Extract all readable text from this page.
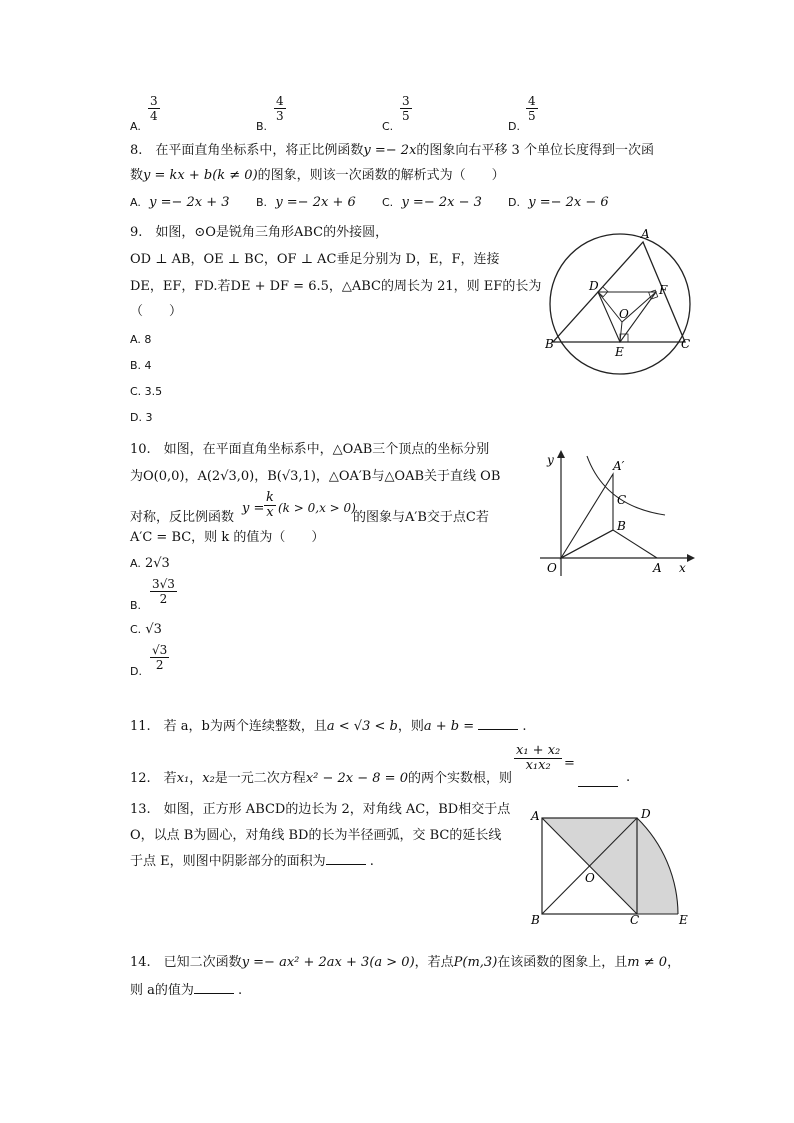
A.
$\frac{3}{4}$
B.
$\frac{4}{3}$
C.
$\frac{3}{5}$
D.
$\frac{4}{5}$
8.　在平面直角坐标系中，将正比例函数y =− 2x的图象向右平移 3 个单位长度得到一次函
数y = kx + b(k ≠ 0)的图象，则该一次函数的解析式为（　　）
A. y =− 2x + 3 B. y =− 2x + 6 C. y =− 2x − 3 D. y =− 2x − 6
9.　如图，⊙O是锐角三角形ABC的外接圆，
OD ⊥ AB，OE ⊥ BC，OF ⊥ AC垂足分别为 D，E，F，连接
DE，EF，FD.若DE + DF = 6.5，△ABC的周长为 21，则 EF的长为
（　　）
A. 8
B. 4
C. 3.5
D. 3
A
B	C
D
E
F
O
10.　如图，在平面直角坐标系中，△OAB三个顶点的坐标分别
为O(0,0)，A(2√3,0)，B(√3,1)，△OA′B与△OAB关于直线 OB
对称，反比例函数
$y = \frac{k}{x} (k > 0,x > 0)$
的图象与A′B交于点C若
A′C = BC，则 k 的值为（　　）
A. 2√3
$\frac{3√3}{2}$
B.
C. √3
$\frac{√3}{2}$
D.
y
x
O	A
A′
B
C
11.　若 a，b为两个连续整数，且a < √3 < b，则a + b =	.
12.　若x₁，x₂是一元二次方程x² − 2x − 8 = 0的两个实数根，则
$\frac{\text{x₁ + x₂}}{\text{x₁x₂}}$ =
.
13.　如图，正方形 ABCD的边长为 2，对角线 AC，BD相交于点
O，以点 B为圆心，对角线 BD的长为半径画弧，交 BC的延长线
于点 E，则图中阴影部分的面积为	.
A
B	C
D
E
O
14.　已知二次函数y =− ax² + 2ax + 3(a > 0)，若点P(m,3)在该函数的图象上，且m ≠ 0，
则 a的值为	.
